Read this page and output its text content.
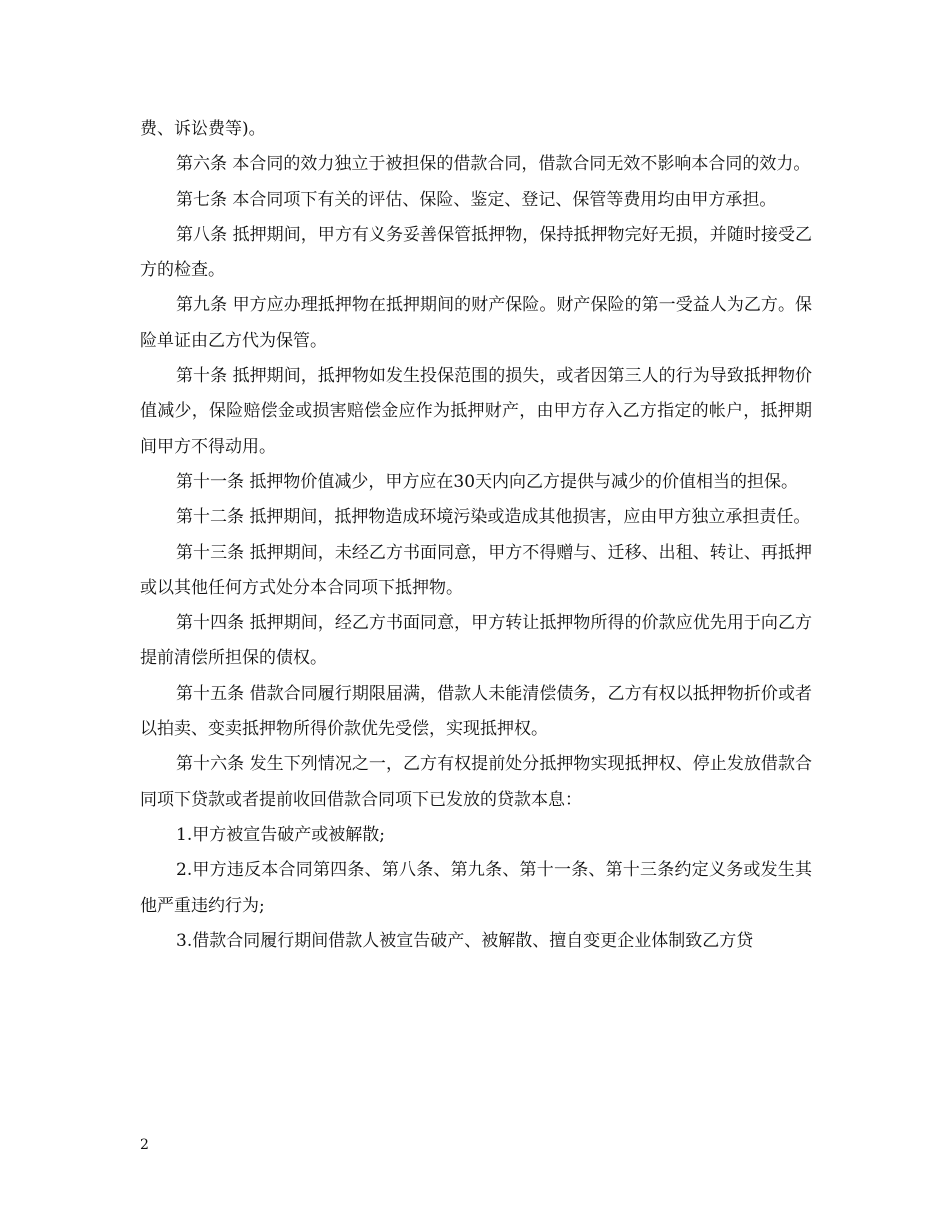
费、诉讼费等)。

第六条 本合同的效力独立于被担保的借款合同，借款合同无效不影响本合同的效力。

第七条 本合同项下有关的评估、保险、鉴定、登记、保管等费用均由甲方承担。

第八条 抵押期间，甲方有义务妥善保管抵押物，保持抵押物完好无损，并随时接受乙方的检查。

第九条 甲方应办理抵押物在抵押期间的财产保险。财产保险的第一受益人为乙方。保险单证由乙方代为保管。

第十条 抵押期间，抵押物如发生投保范围的损失，或者因第三人的行为导致抵押物价值减少，保险赔偿金或损害赔偿金应作为抵押财产，由甲方存入乙方指定的帐户，抵押期间甲方不得动用。

第十一条 抵押物价值减少，甲方应在30天内向乙方提供与减少的价值相当的担保。

第十二条 抵押期间，抵押物造成环境污染或造成其他损害，应由甲方独立承担责任。

第十三条 抵押期间，未经乙方书面同意，甲方不得赠与、迁移、出租、转让、再抵押或以其他任何方式处分本合同项下抵押物。

第十四条 抵押期间，经乙方书面同意，甲方转让抵押物所得的价款应优先用于向乙方提前清偿所担保的债权。

第十五条 借款合同履行期限届满，借款人未能清偿债务，乙方有权以抵押物折价或者以拍卖、变卖抵押物所得价款优先受偿，实现抵押权。

第十六条 发生下列情况之一，乙方有权提前处分抵押物实现抵押权、停止发放借款合同项下贷款或者提前收回借款合同项下已发放的贷款本息：

1.甲方被宣告破产或被解散;

2.甲方违反本合同第四条、第八条、第九条、第十一条、第十三条约定义务或发生其他严重违约行为;

3.借款合同履行期间借款人被宣告破产、被解散、擅自变更企业体制致乙方贷

2
